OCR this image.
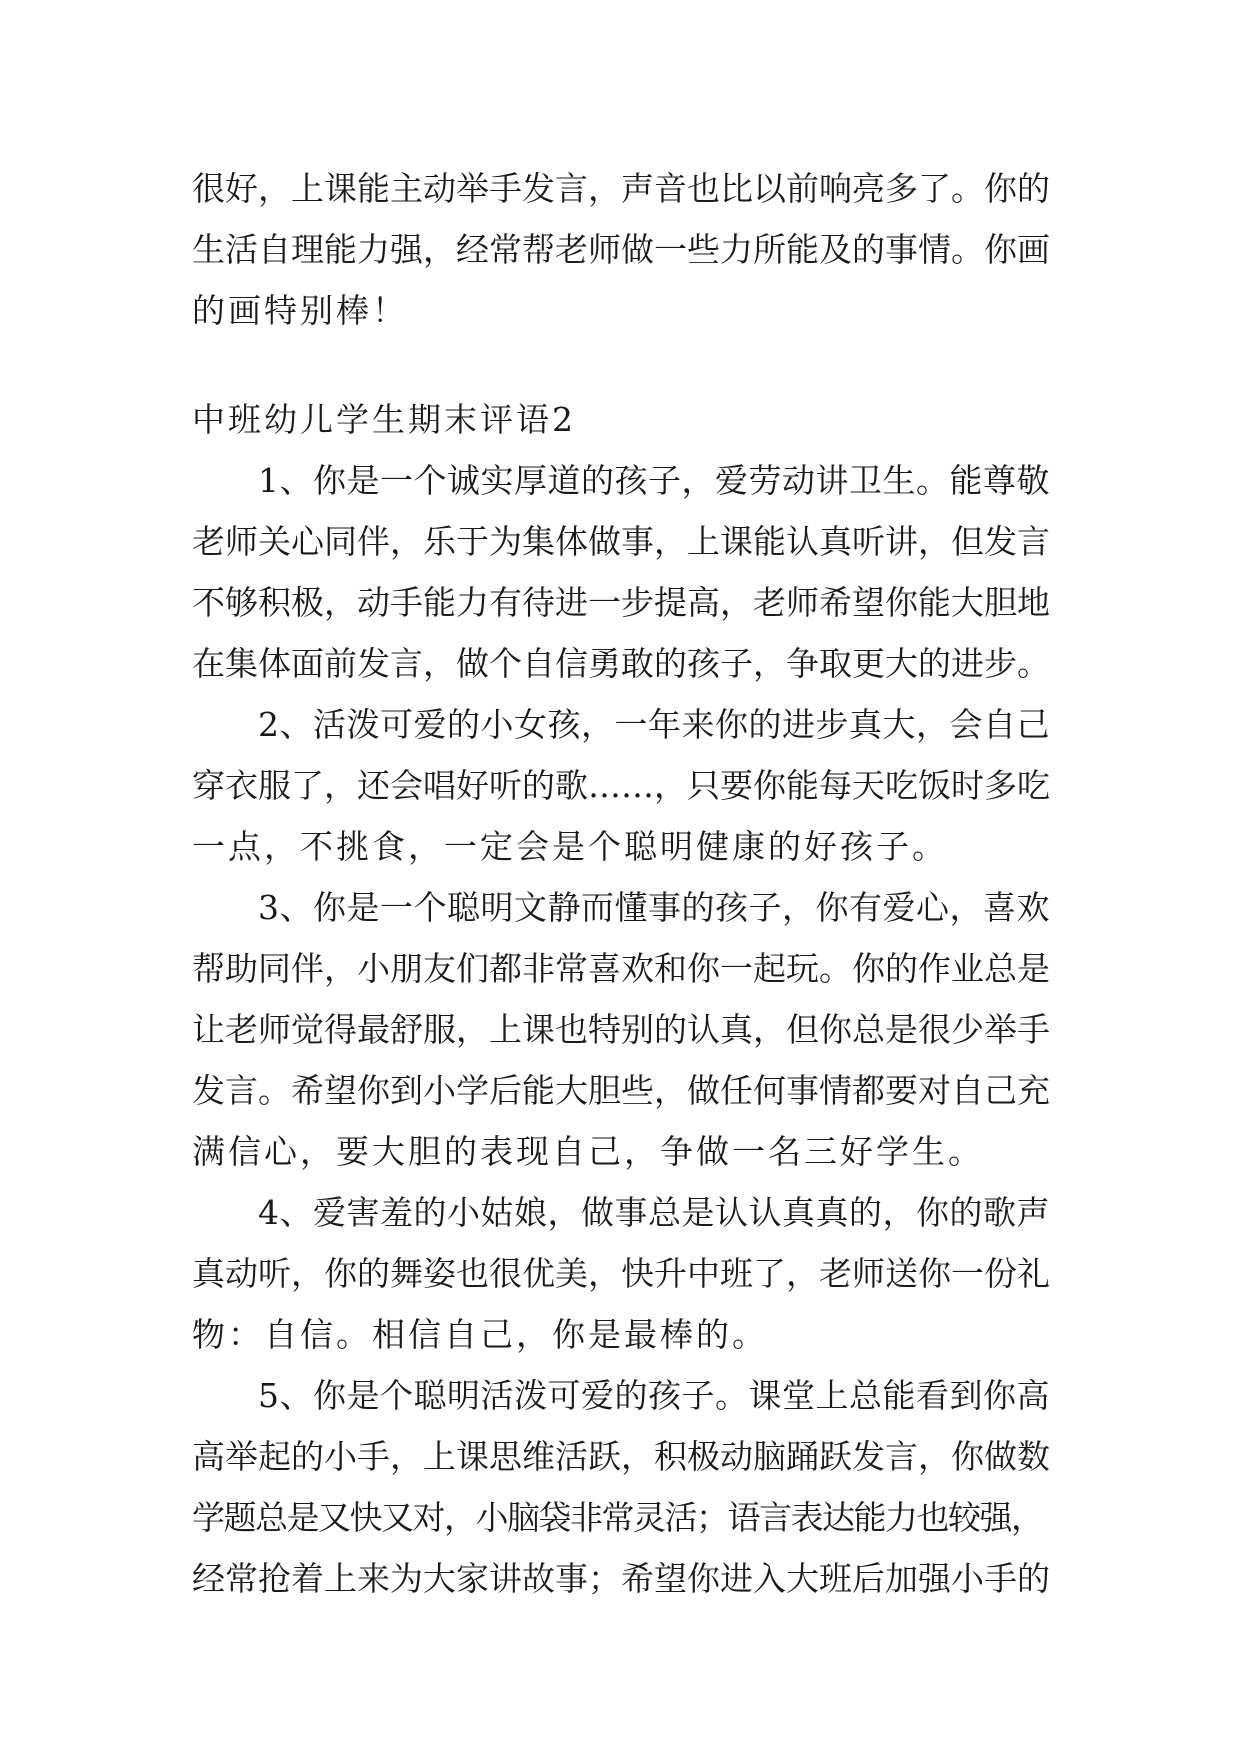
很好，上课能主动举手发言，声音也比以前响亮多了。你的
生活自理能力强，经常帮老师做一些力所能及的事情。你画
的画特别棒！
中班幼儿学生期末评语2
1、你是一个诚实厚道的孩子，爱劳动讲卫生。能尊敬
老师关心同伴，乐于为集体做事，上课能认真听讲，但发言
不够积极，动手能力有待进一步提高，老师希望你能大胆地
在集体面前发言，做个自信勇敢的孩子，争取更大的进步。
2、活泼可爱的小女孩，一年来你的进步真大，会自己
穿衣服了，还会唱好听的歌……，只要你能每天吃饭时多吃
一点，不挑食，一定会是个聪明健康的好孩子。
3、你是一个聪明文静而懂事的孩子，你有爱心，喜欢
帮助同伴，小朋友们都非常喜欢和你一起玩。你的作业总是
让老师觉得最舒服，上课也特别的认真，但你总是很少举手
发言。希望你到小学后能大胆些，做任何事情都要对自己充
满信心，要大胆的表现自己，争做一名三好学生。
4、爱害羞的小姑娘，做事总是认认真真的，你的歌声
真动听，你的舞姿也很优美，快升中班了，老师送你一份礼
物：自信。相信自己，你是最棒的。
5、你是个聪明活泼可爱的孩子。课堂上总能看到你高
高举起的小手，上课思维活跃，积极动脑踊跃发言，你做数
学题总是又快又对，小脑袋非常灵活；语言表达能力也较强，
经常抢着上来为大家讲故事；希望你进入大班后加强小手的
